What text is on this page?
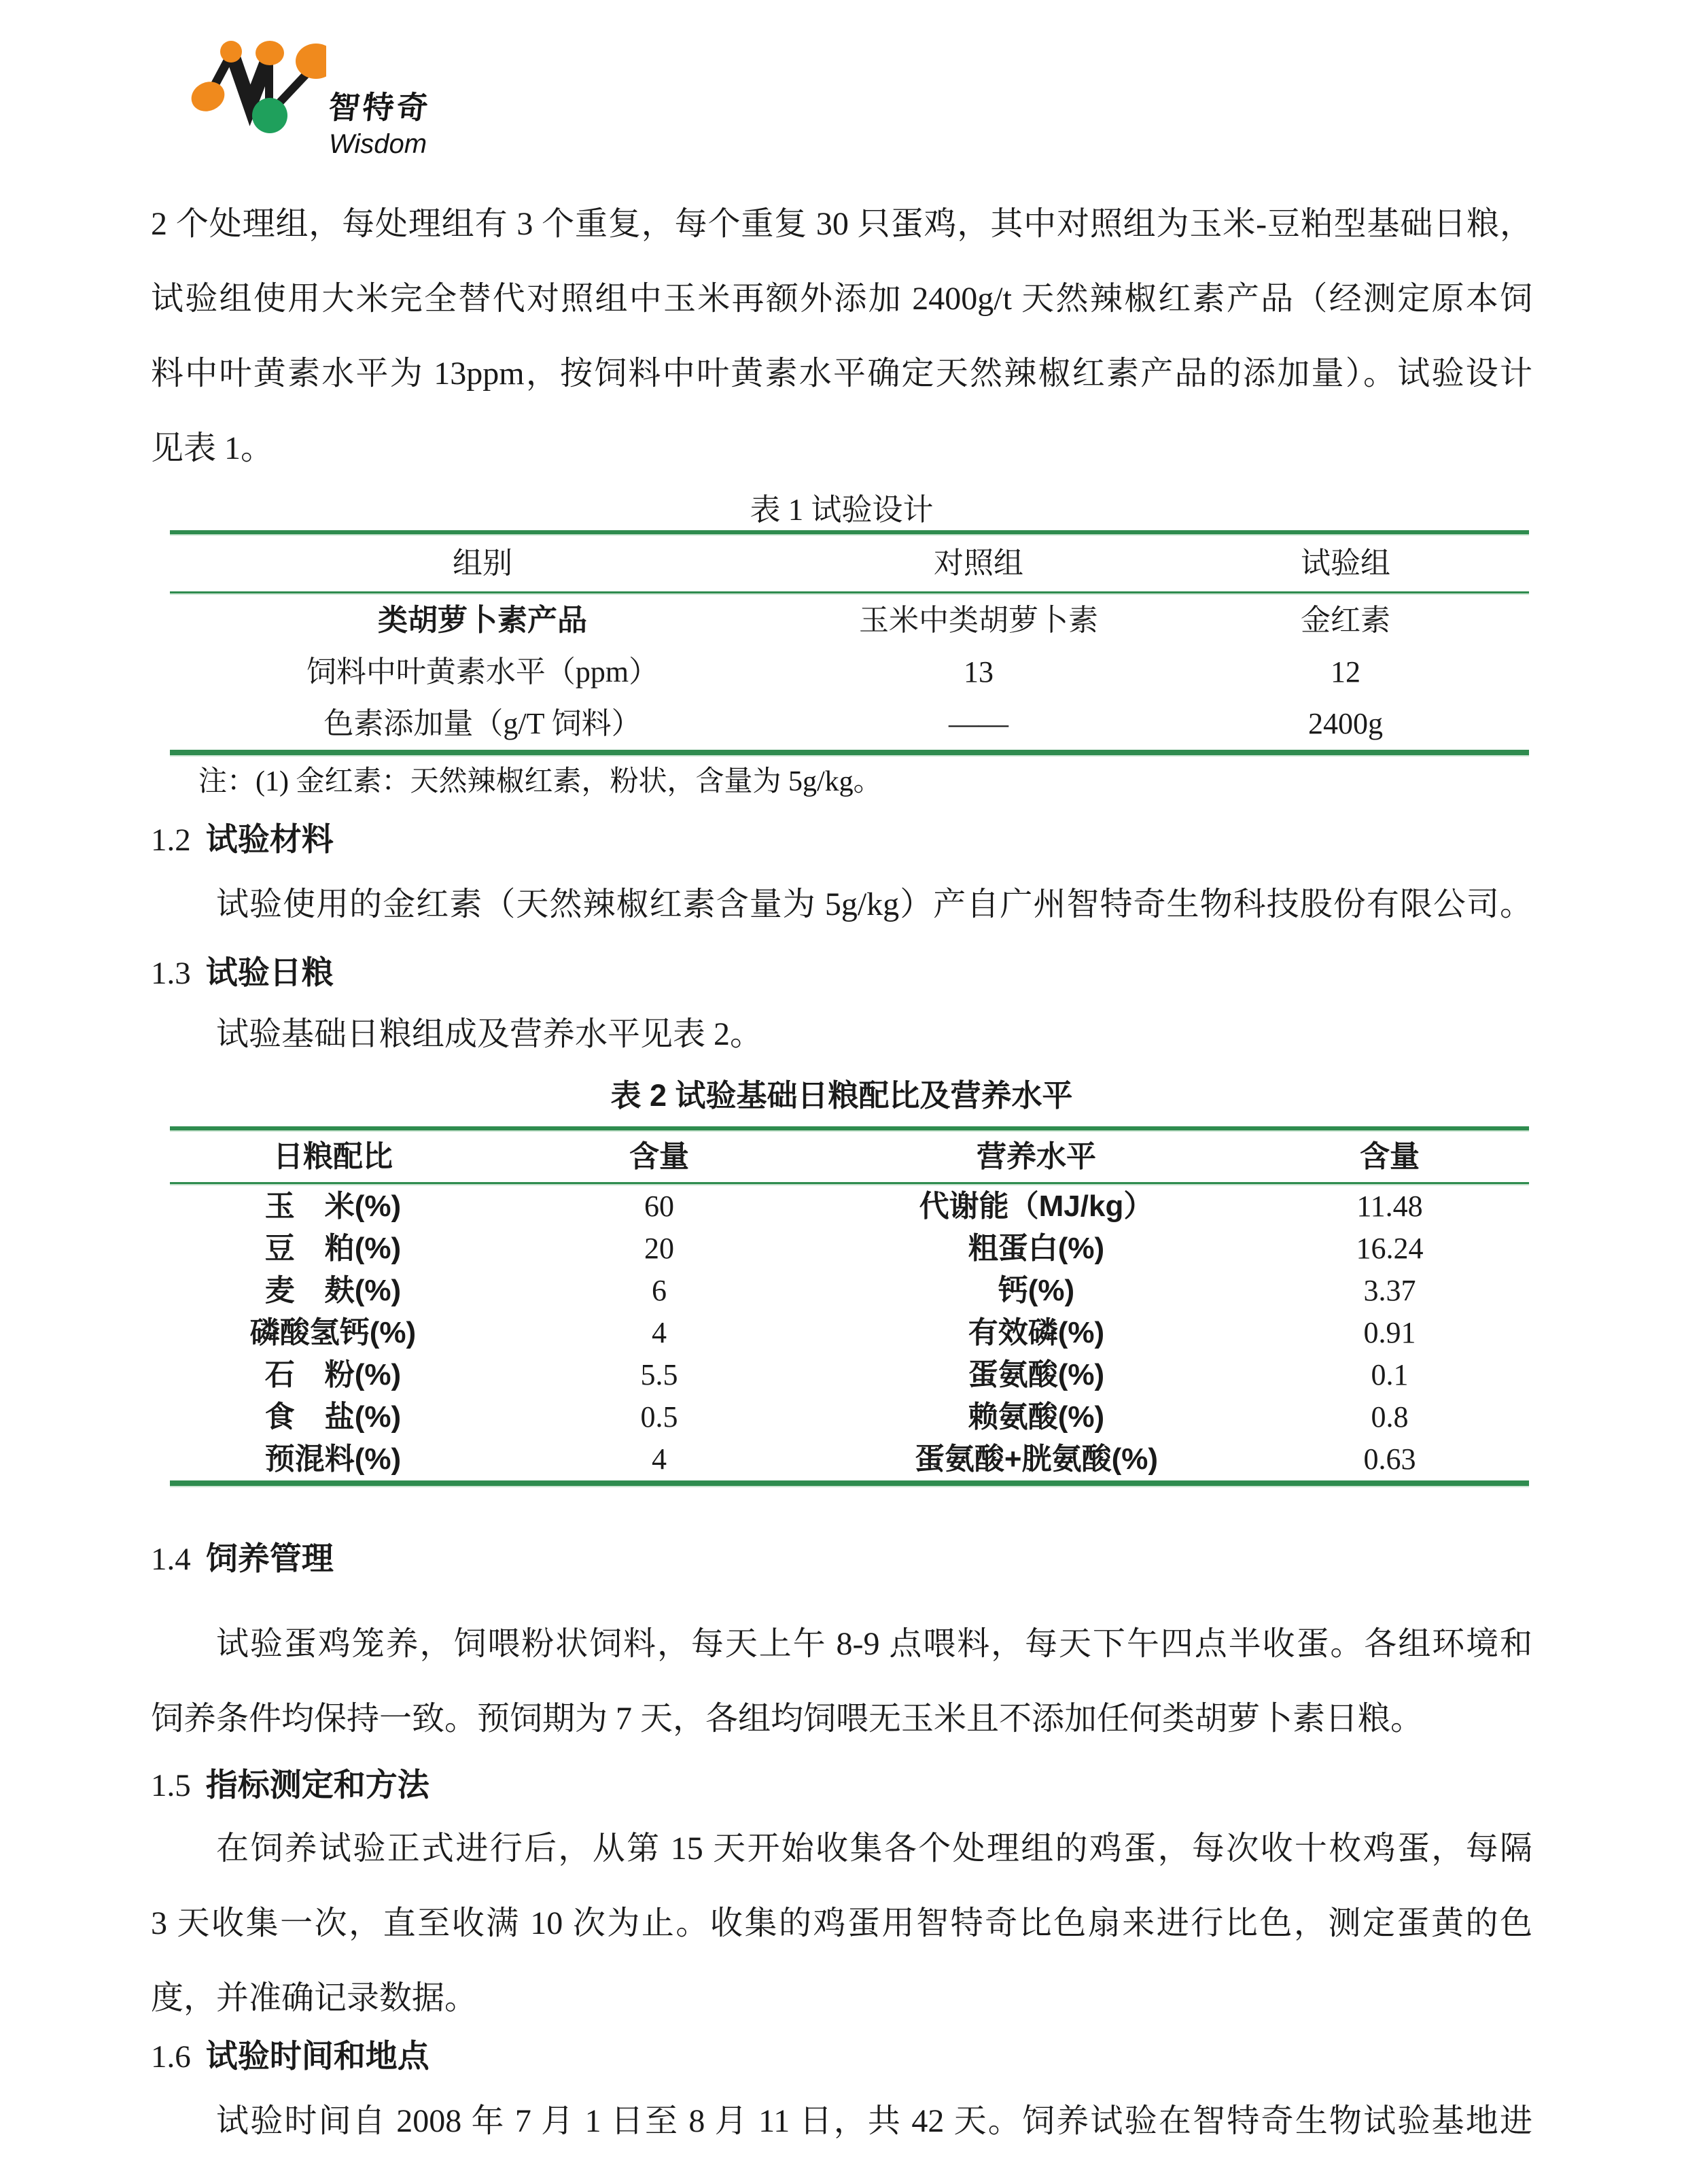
智特奇
Wisdom
2 个处理组，每处理组有 3 个重复，每个重复 30 只蛋鸡，其中对照组为玉米-豆粕型基础日粮，
试验组使用大米完全替代对照组中玉米再额外添加 2400g/t 天然辣椒红素产品（经测定原本饲
料中叶黄素水平为 13ppm，按饲料中叶黄素水平确定天然辣椒红素产品的添加量）。试验设计
见表 1。
表 1 试验设计
组别	对照组	试验组
类胡萝卜素产品	玉米中类胡萝卜素	金红素
饲料中叶黄素水平（ppm）	13	12
色素添加量（g/T 饲料）	——	2400g
注：(1) 金红素：天然辣椒红素，粉状，含量为 5g/kg。
1.2 试验材料
试验使用的金红素（天然辣椒红素含量为 5g/kg）产自广州智特奇生物科技股份有限公司。
1.3 试验日粮
试验基础日粮组成及营养水平见表 2。
表 2 试验基础日粮配比及营养水平
日粮配比	含量	营养水平	含量
玉　米(%)	60	代谢能（MJ/kg）	11.48
豆　粕(%)	20	粗蛋白(%)	16.24
麦　麸(%)	6	钙(%)	3.37
磷酸氢钙(%)	4	有效磷(%)	0.91
石　粉(%)	5.5	蛋氨酸(%)	0.1
食　盐(%)	0.5	赖氨酸(%)	0.8
预混料(%)	4	蛋氨酸+胱氨酸(%)	0.63
1.4 饲养管理
试验蛋鸡笼养，饲喂粉状饲料，每天上午 8-9 点喂料，每天下午四点半收蛋。各组环境和
饲养条件均保持一致。预饲期为 7 天，各组均饲喂无玉米且不添加任何类胡萝卜素日粮。
1.5 指标测定和方法
在饲养试验正式进行后，从第 15 天开始收集各个处理组的鸡蛋，每次收十枚鸡蛋，每隔
3 天收集一次，直至收满 10 次为止。收集的鸡蛋用智特奇比色扇来进行比色，测定蛋黄的色
度，并准确记录数据。
1.6 试验时间和地点
试验时间自 2008 年 7 月 1 日至 8 月 11 日，共 42 天。饲养试验在智特奇生物试验基地进
